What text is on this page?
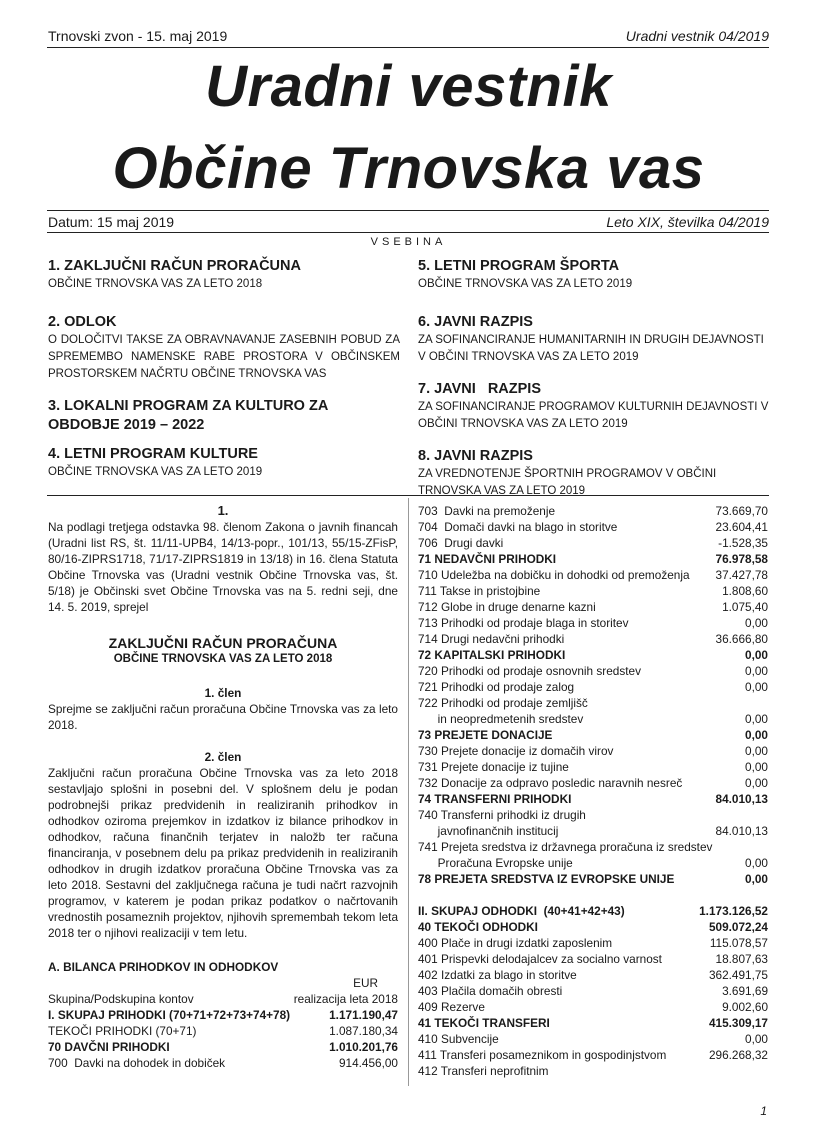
Trnovski zvon - 15. maj 2019	Uradni vestnik 04/2019
Uradni vestnik
Občine Trnovska vas
Datum: 15 maj 2019	Leto XIX, številka 04/2019
VSEBINA
1. ZAKLJUČNI RAČUN PRORAČUNA
OBČINE TRNOVSKA VAS ZA LETO 2018
2. ODLOK
O DOLOČITVI TAKSE ZA OBRAVNAVANJE ZASEBNIH POBUD ZA SPREMEMBO NAMENSKE RABE PROSTORA V OBČINSKEM PROSTORSKEM NAČRTU OBČINE TRNOVSKA VAS
3. LOKALNI PROGRAM ZA KULTURO ZA OBDOBJE 2019 – 2022
4. LETNI PROGRAM KULTURE
OBČINE TRNOVSKA VAS ZA LETO 2019
5. LETNI PROGRAM ŠPORTA
OBČINE TRNOVSKA VAS ZA LETO 2019
6. JAVNI RAZPIS
ZA SOFINANCIRANJE HUMANITARNIH IN DRUGIH DEJAVNOSTI V OBČINI TRNOVSKA VAS ZA LETO 2019
7. JAVNI   RAZPIS
ZA SOFINANCIRANJE PROGRAMOV KULTURNIH DEJAVNOSTI V OBČINI TRNOVSKA VAS ZA LETO 2019
8. JAVNI RAZPIS
ZA VREDNOTENJE ŠPORTNIH PROGRAMOV V OBČINI TRNOVSKA VAS ZA LETO 2019
1.
Na podlagi tretjega odstavka 98. členom Zakona o javnih financah (Uradni list RS, št. 11/11-UPB4, 14/13-popr., 101/13, 55/15-ZFisP, 80/16-ZIPRS1718, 71/17-ZIPRS1819 in 13/18) in 16. člena Statuta Občine Trnovska vas (Uradni vestnik Občine Trnovska vas, št. 5/18) je Občinski svet Občine Trnovska vas na 5. redni seji, dne 14. 5. 2019, sprejel
ZAKLJUČNI RAČUN PRORAČUNA
OBČINE TRNOVSKA VAS ZA LETO 2018
1. člen
Sprejme se zaključni račun proračuna Občine Trnovska vas za leto 2018.
2. člen
Zaključni račun proračuna Občine Trnovska vas za leto 2018 sestavljajo splošni in posebni del. V splošnem delu je podan podrobnejši prikaz predvidenih in realiziranih prihodkov in odhodkov oziroma prejemkov in izdatkov iz bilance prihodkov in odhodkov, računa finančnih terjatev in naložb ter računa financiranja, v posebnem delu pa prikaz predvidenih in realiziranih odhodkov in drugih izdatkov proračuna Občine Trnovska vas za leto 2018. Sestavni del zaključnega računa je tudi načrt razvojnih programov, v katerem je podan prikaz podatkov o načrtovanih vrednostih posameznih projektov, njihovih spremembah tekom leta 2018 ter o njihovi realizaciji v tem letu.
A. BILANCA PRIHODKOV IN ODHODKOV
EUR
Skupina/Podskupina kontov	realizacija leta 2018
I. SKUPAJ PRIHODKI (70+71+72+73+74+78)	1.171.190,47
TEKOČI PRIHODKI (70+71)	1.087.180,34
70 DAVČNI PRIHODKI	1.010.201,76
700  Davki na dohodek in dobiček	914.456,00
703  Davki na premoženje	73.669,70
704  Domači davki na blago in storitve	23.604,41
706  Drugi davki	-1.528,35
71 NEDAVČNI PRIHODKI	76.978,58
710 Udeležba na dobičku in dohodki od premoženja 37.427,78
711 Takse in pristojbine	1.808,60
712 Globe in druge denarne kazni	1.075,40
713 Prihodki od prodaje blaga in storitev	0,00
714 Drugi nedavčni prihodki	36.666,80
72 KAPITALSKI PRIHODKI	0,00
720 Prihodki od prodaje osnovnih sredstev	0,00
721 Prihodki od prodaje zalog	0,00
722 Prihodki od prodaje zemljišč
in neopredmetenih sredstev	0,00
73 PREJETE DONACIJE	0,00
730 Prejete donacije iz domačih virov	0,00
731 Prejete donacije iz tujine	0,00
732 Donacije za odpravo posledic naravnih nesreč	0,00
74 TRANSFERNI PRIHODKI	84.010,13
740 Transferni prihodki iz drugih
javnofinančnih institucij	84.010,13
741 Prejeta sredstva iz državnega proračuna iz sredstev
Proračuna Evropske unije	0,00
78 PREJETA SREDSTVA IZ EVROPSKE UNIJE	0,00
II. SKUPAJ ODHODKI  (40+41+42+43)	1.173.126,52
40 TEKOČI ODHODKI	509.072,24
400 Plače in drugi izdatki zaposlenim	115.078,57
401 Prispevki delodajalcev za socialno varnost	18.807,63
402 Izdatki za blago in storitve	362.491,75
403 Plačila domačih obresti	3.691,69
409 Rezerve	9.002,60
41 TEKOČI TRANSFERI	415.309,17
410 Subvencije	0,00
411 Transferi posameznikom in gospodinjstvom	296.268,32
412 Transferi neprofitnim
1
